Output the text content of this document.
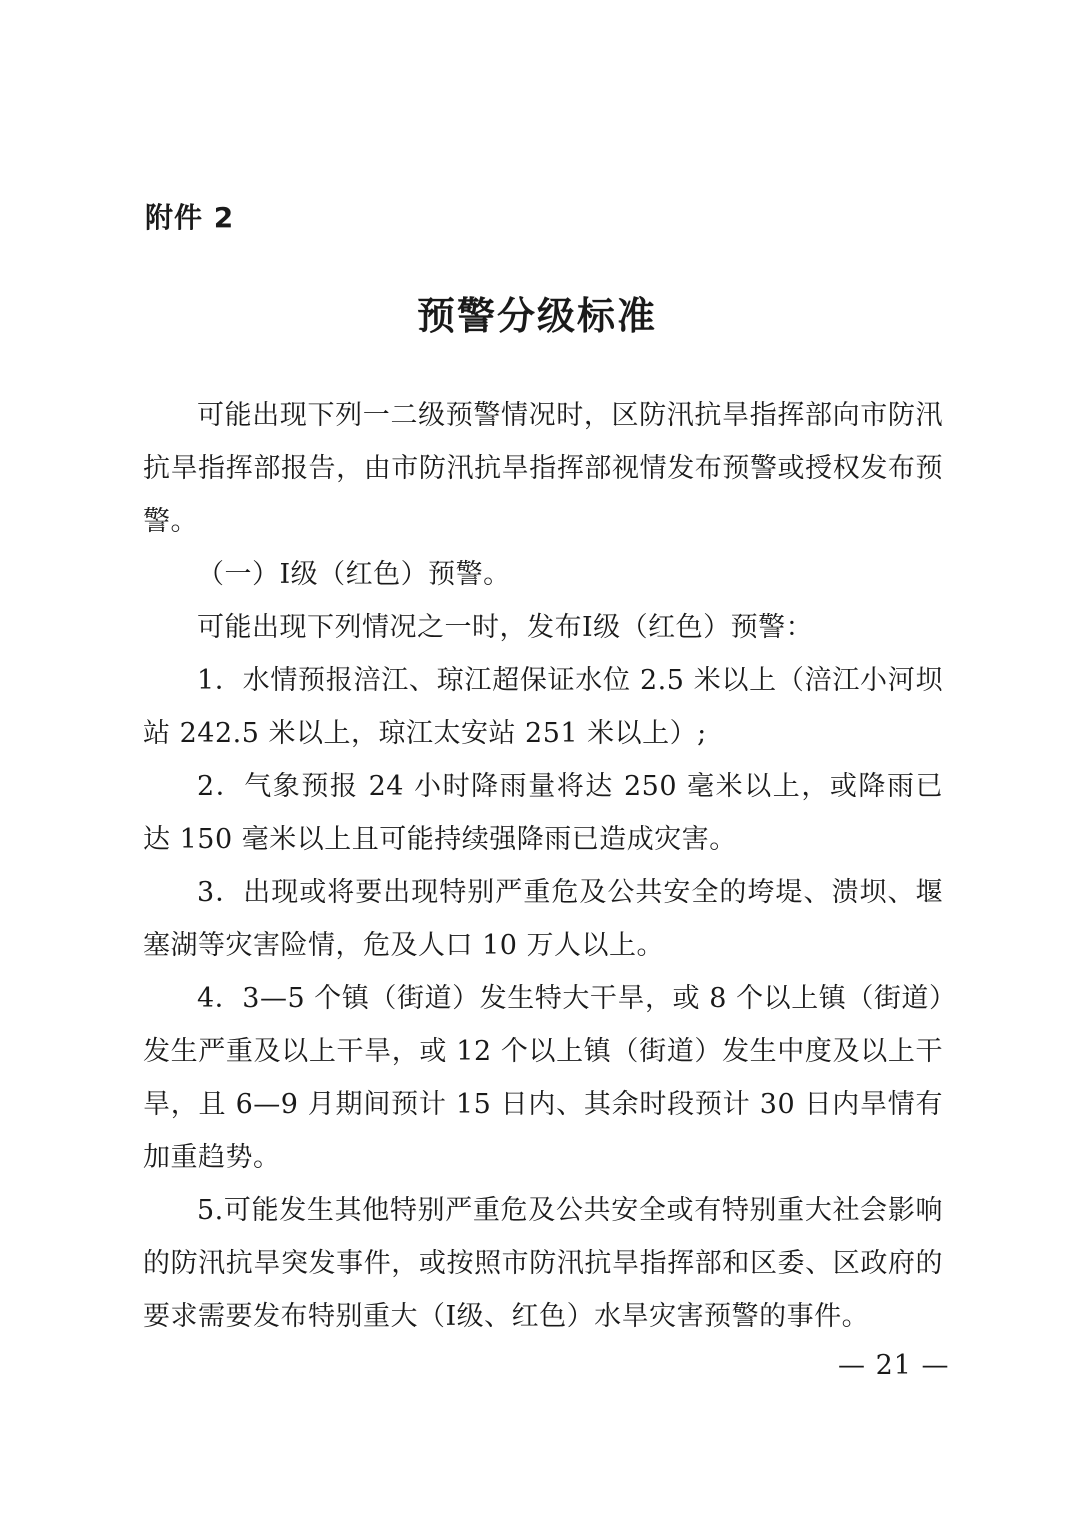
附件 2
预警分级标准

可能出现下列一二级预警情况时，区防汛抗旱指挥部向市防汛抗旱指挥部报告，由市防汛抗旱指挥部视情发布预警或授权发布预警。

（一）Ⅰ级（红色）预警。

可能出现下列情况之一时，发布Ⅰ级（红色）预警：

1．水情预报涪江、琼江超保证水位 2.5 米以上（涪江小河坝站 242.5 米以上，琼江太安站 251 米以上）;

2．气象预报 24 小时降雨量将达 250 毫米以上，或降雨已达 150 毫米以上且可能持续强降雨已造成灾害。

3．出现或将要出现特别严重危及公共安全的垮堤、溃坝、堰塞湖等灾害险情，危及人口 10 万人以上。

4．3—5 个镇（街道）发生特大干旱，或 8 个以上镇（街道）发生严重及以上干旱，或 12 个以上镇（街道）发生中度及以上干旱，且 6—9 月期间预计 15 日内、其余时段预计 30 日内旱情有加重趋势。

5.可能发生其他特别严重危及公共安全或有特别重大社会影响的防汛抗旱突发事件，或按照市防汛抗旱指挥部和区委、区政府的要求需要发布特别重大（Ⅰ级、红色）水旱灾害预警的事件。

— 21 —
